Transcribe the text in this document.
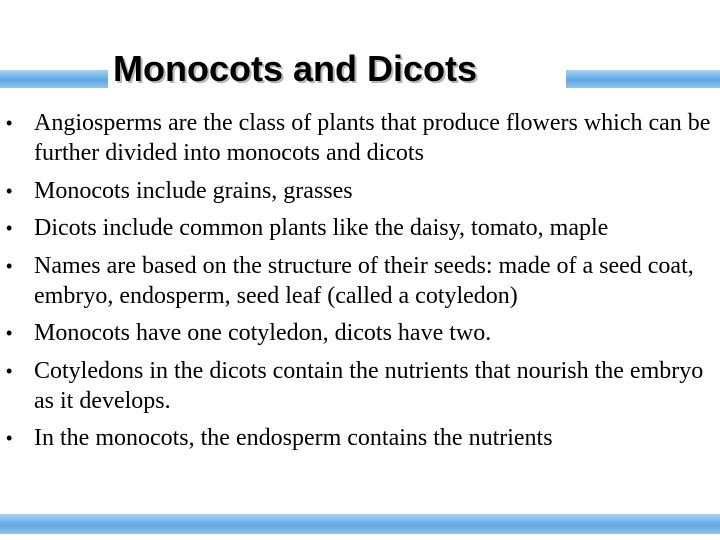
Monocots and Dicots
• Angiosperms are the class of plants that produce flowers which can be further divided into monocots and dicots
• Monocots include grains, grasses
• Dicots include common plants like the daisy, tomato, maple
• Names are based on the structure of their seeds: made of a seed coat, embryo, endosperm, seed leaf (called a cotyledon)
• Monocots have one cotyledon, dicots have two.
• Cotyledons in the dicots contain the nutrients that nourish the embryo as it develops.
• In the monocots, the endosperm contains the nutrients
